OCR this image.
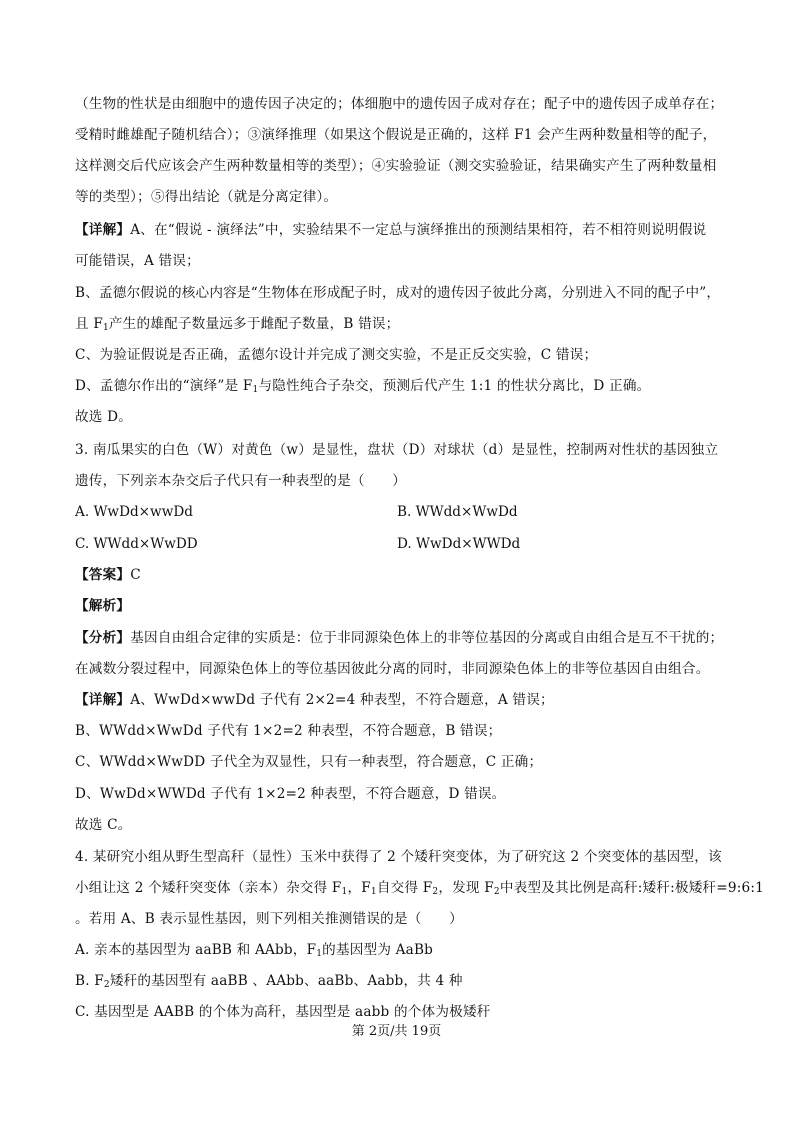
（生物的性状是由细胞中的遗传因子决定的；体细胞中的遗传因子成对存在；配子中的遗传因子成单存在；
受精时雌雄配子随机结合）；③演绎推理（如果这个假说是正确的，这样 F1 会产生两种数量相等的配子，
这样测交后代应该会产生两种数量相等的类型）；④实验验证（测交实验验证，结果确实产生了两种数量相
等的类型）；⑤得出结论（就是分离定律）。
【详解】A、在“假说 - 演绎法”中，实验结果不一定总与演绎推出的预测结果相符，若不相符则说明假说
可能错误，A 错误；
B、孟德尔假说的核心内容是“生物体在形成配子时，成对的遗传因子彼此分离，分别进入不同的配子中”，
且 $F_1$产生的雄配子数量远多于雌配子数量，B 错误；
C、为验证假说是否正确，孟德尔设计并完成了测交实验，不是正反交实验，C 错误；
D、孟德尔作出的“演绎”是 $F_1$与隐性纯合子杂交，预测后代产生 1:1 的性状分离比，D 正确。
故选 D。
3. 南瓜果实的白色（W）对黄色（w）是显性，盘状（D）对球状（d）是显性，控制两对性状的基因独立
遗传，下列亲本杂交后子代只有一种表型的是（　　）
A. WwDd×wwDd	B. WWdd×WwDd
C. WWdd×WwDD	D. WwDd×WWDd
【答案】C
【解析】
【分析】基因自由组合定律的实质是：位于非同源染色体上的非等位基因的分离或自由组合是互不干扰的；
在减数分裂过程中，同源染色体上的等位基因彼此分离的同时，非同源染色体上的非等位基因自由组合。
【详解】A、WwDd×wwDd 子代有 2×2=4 种表型，不符合题意，A 错误；
B、WWdd×WwDd 子代有 1×2=2 种表型，不符合题意，B 错误；
C、WWdd×WwDD 子代全为双显性，只有一种表型，符合题意，C 正确；
D、WwDd×WWDd 子代有 1×2=2 种表型，不符合题意，D 错误。
故选 C。
4. 某研究小组从野生型高秆（显性）玉米中获得了 2 个矮秆突变体，为了研究这 2 个突变体的基因型，该
小组让这 2 个矮秆突变体（亲本）杂交得 $F_1$，$F_1$自交得 $F_2$，发现 $F_2$中表型及其比例是高秆:矮秆:极矮秆=9:6:1
。若用 A、B 表示显性基因，则下列相关推测错误的是（　　）
A. 亲本的基因型为 aaBB 和 AAbb，$F_1$的基因型为 AaBb
B. $F_2$矮秆的基因型有 aaBB 、AAbb、aaBb、Aabb，共 4 种
C. 基因型是 AABB 的个体为高秆，基因型是 aabb 的个体为极矮秆
第 2页/共 19页
